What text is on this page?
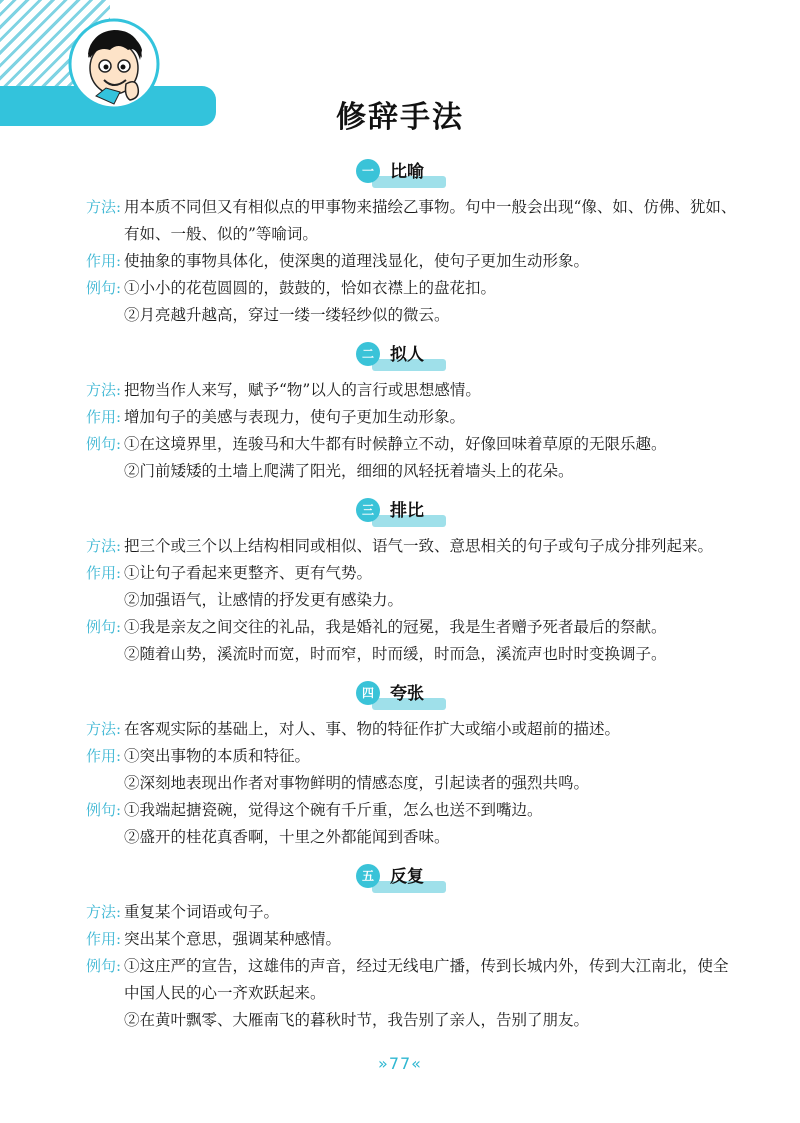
修辞手法
一 比喻
方法: 用本质不同但又有相似点的甲事物来描绘乙事物。句中一般会出现“像、如、仿佛、犹如、有如、一般、似的”等喻词。
作用: 使抽象的事物具体化，使深奥的道理浅显化，使句子更加生动形象。
例句: ①小小的花苞圆圆的，鼓鼓的，恰如衣襟上的盘花扣。
②月亮越升越高，穿过一缕一缕轻纱似的微云。
二 拟人
方法: 把物当作人来写，赋予“物”以人的言行或思想感情。
作用: 增加句子的美感与表现力，使句子更加生动形象。
例句: ①在这境界里，连骏马和大牛都有时候静立不动，好像回味着草原的无限乐趣。
②门前矮矮的土墙上爬满了阳光，细细的风轻抚着墙头上的花朵。
三 排比
方法: 把三个或三个以上结构相同或相似、语气一致、意思相关的句子或句子成分排列起来。
作用: ①让句子看起来更整齐、更有气势。
②加强语气，让感情的抒发更有感染力。
例句: ①我是亲友之间交往的礼品，我是婚礼的冠冕，我是生者赠予死者最后的祭献。
②随着山势，溪流时而宽，时而窄，时而缓，时而急，溪流声也时时变换调子。
四 夸张
方法: 在客观实际的基础上，对人、事、物的特征作扩大或缩小或超前的描述。
作用: ①突出事物的本质和特征。
②深刻地表现出作者对事物鲜明的情感态度，引起读者的强烈共鸣。
例句: ①我端起搪瓷碗，觉得这个碗有千斤重，怎么也送不到嘴边。
②盛开的桂花真香啊，十里之外都能闻到香味。
五 反复
方法: 重复某个词语或句子。
作用: 突出某个意思，强调某种感情。
例句: ①这庄严的宣告，这雄伟的声音，经过无线电广播，传到长城内外，传到大江南北，使全中国人民的心一齐欢跃起来。
②在黄叶飘零、大雁南飞的暮秋时节，我告别了亲人，告别了朋友。
»77«
